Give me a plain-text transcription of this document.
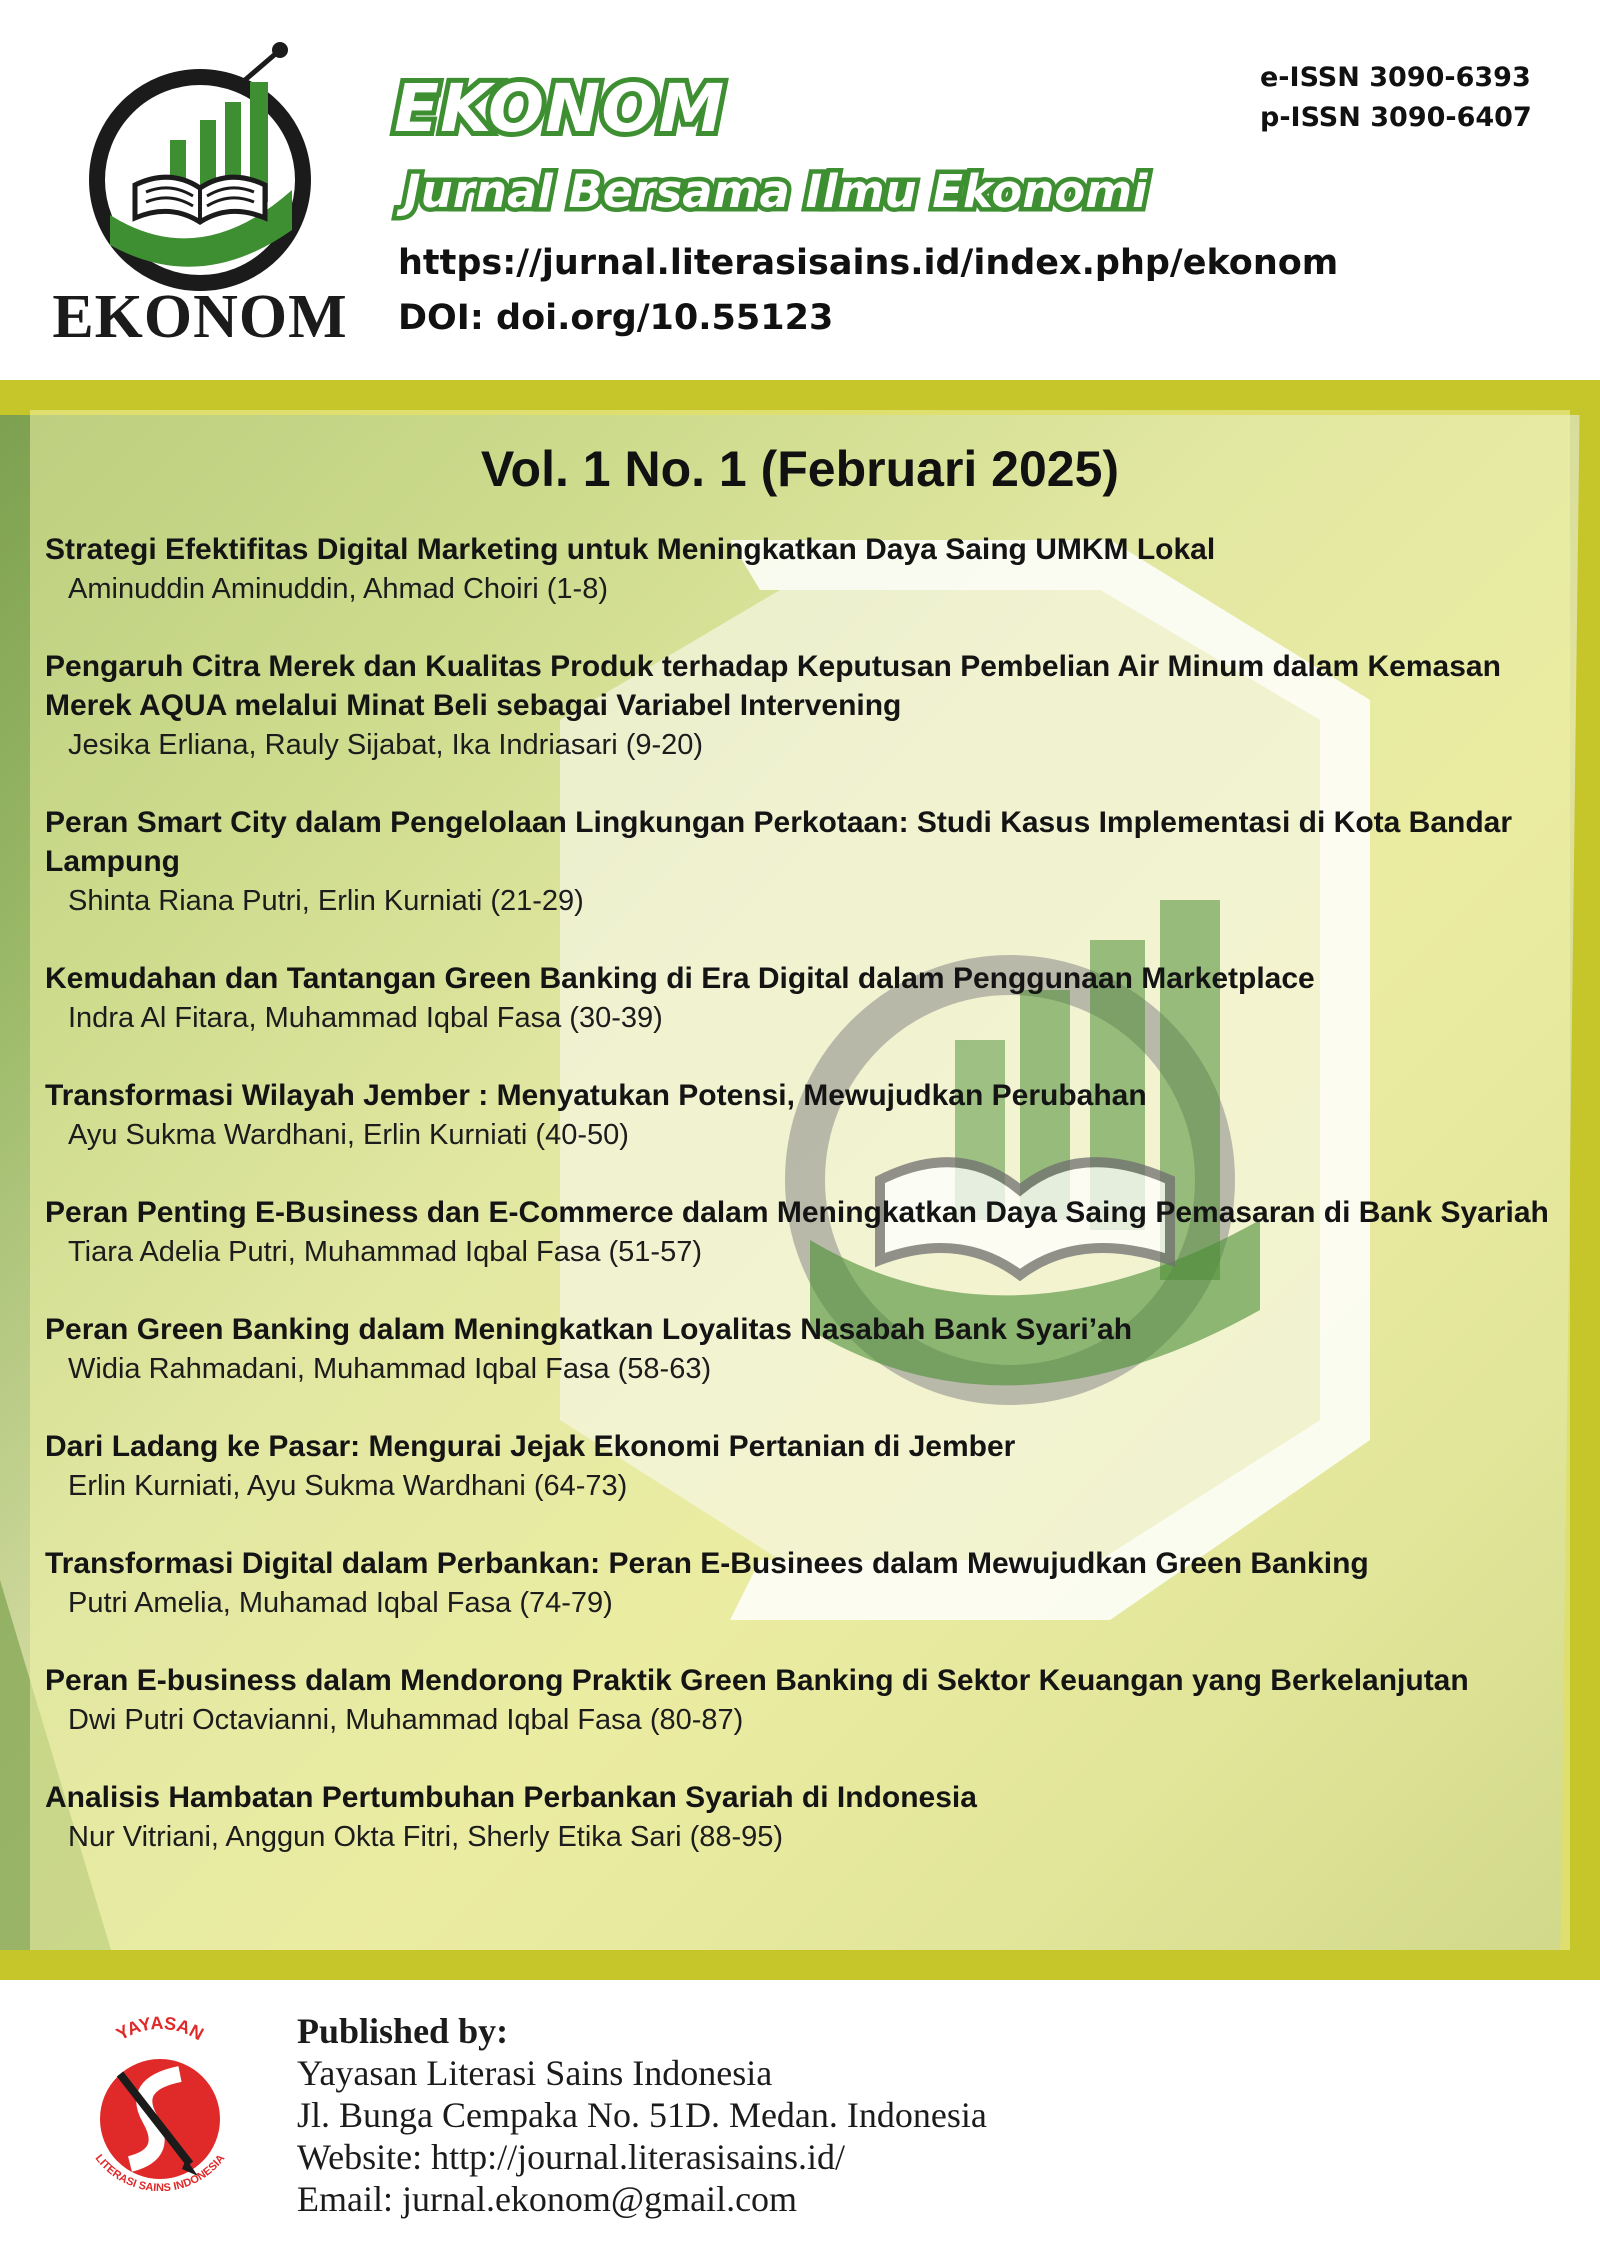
EKONOM
EKONOM
Jurnal Bersama Ilmu Ekonomi
e-ISSN 3090-6393
p-ISSN 3090-6407
https://jurnal.literasisains.id/index.php/ekonom
DOI: doi.org/10.55123
Vol. 1 No. 1 (Februari 2025)
Strategi Efektifitas Digital Marketing untuk Meningkatkan Daya Saing UMKM Lokal
Aminuddin Aminuddin, Ahmad Choiri (1-8)
Pengaruh Citra Merek dan Kualitas Produk terhadap Keputusan Pembelian Air Minum dalam Kemasan Merek AQUA melalui Minat Beli sebagai Variabel Intervening
Jesika Erliana, Rauly Sijabat, Ika Indriasari (9-20)
Peran Smart City dalam Pengelolaan Lingkungan Perkotaan: Studi Kasus Implementasi di Kota Bandar Lampung
Shinta Riana Putri, Erlin Kurniati (21-29)
Kemudahan dan Tantangan Green Banking di Era Digital dalam Penggunaan Marketplace
Indra Al Fitara, Muhammad Iqbal Fasa (30-39)
Transformasi Wilayah Jember : Menyatukan Potensi, Mewujudkan Perubahan
Ayu Sukma Wardhani, Erlin Kurniati (40-50)
Peran Penting E-Business dan E-Commerce dalam Meningkatkan Daya Saing Pemasaran di Bank Syariah
Tiara Adelia Putri, Muhammad Iqbal Fasa (51-57)
Peran Green Banking dalam Meningkatkan Loyalitas Nasabah Bank Syari’ah
Widia Rahmadani, Muhammad Iqbal Fasa (58-63)
Dari Ladang ke Pasar: Mengurai Jejak Ekonomi Pertanian di Jember
Erlin Kurniati, Ayu Sukma Wardhani (64-73)
Transformasi Digital dalam Perbankan: Peran E-Businees dalam Mewujudkan Green Banking
Putri Amelia, Muhamad Iqbal Fasa (74-79)
Peran E-business dalam Mendorong Praktik Green Banking di Sektor Keuangan yang Berkelanjutan
Dwi Putri Octavianni, Muhammad Iqbal Fasa (80-87)
Analisis Hambatan Pertumbuhan Perbankan Syariah di Indonesia
Nur Vitriani, Anggun Okta Fitri, Sherly Etika Sari (88-95)
YAYASAN
LITERASI SAINS INDONESIA
Published by:
Yayasan Literasi Sains Indonesia
Jl. Bunga Cempaka No. 51D. Medan. Indonesia
Website: http://journal.literasisains.id/
Email: jurnal.ekonom@gmail.com
